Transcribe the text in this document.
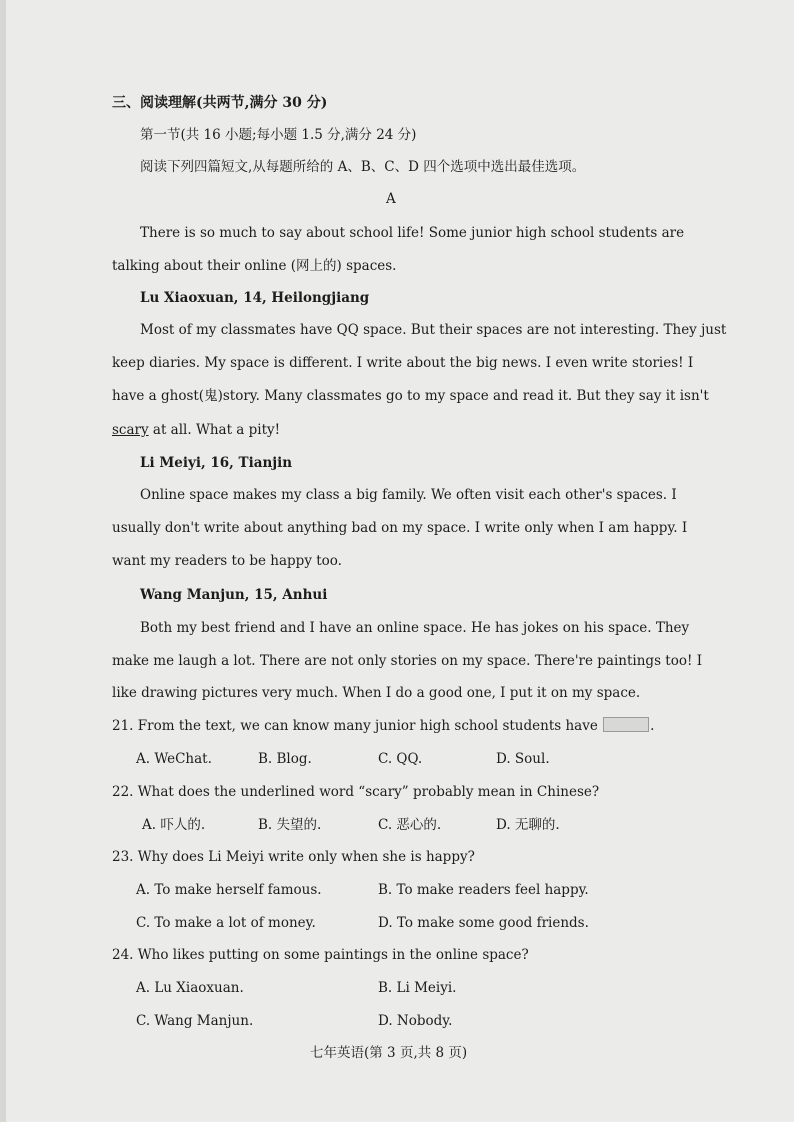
三、阅读理解(共两节,满分 30 分)
第一节(共 16 小题;每小题 1.5 分,满分 24 分)
阅读下列四篇短文,从每题所给的 A、B、C、D 四个选项中选出最佳选项。
A
There is so much to say about school life! Some junior high school students are
talking about their online (网上的) spaces.
Lu Xiaoxuan, 14, Heilongjiang
Most of my classmates have QQ space. But their spaces are not interesting. They just
keep diaries. My space is different. I write about the big news. I even write stories! I
have a ghost(鬼)story. Many classmates go to my space and read it. But they say it isn't
scary at all. What a pity!
Li Meiyi, 16, Tianjin
Online space makes my class a big family. We often visit each other's spaces. I
usually don't write about anything bad on my space. I write only when I am happy. I
want my readers to be happy too.
Wang Manjun, 15, Anhui
Both my best friend and I have an online space. He has jokes on his space. They
make me laugh a lot. There are not only stories on my space. There're paintings too! I
like drawing pictures very much. When I do a good one, I put it on my space.
21. From the text, we can know many junior high school students have	.
A. WeChat.	B. Blog.	C. QQ.	D. Soul.
22. What does the underlined word “scary” probably mean in Chinese?
A. 吓人的.	B. 失望的.	C. 恶心的.	D. 无聊的.
23. Why does Li Meiyi write only when she is happy?
A. To make herself famous.	B. To make readers feel happy.
C. To make a lot of money.	D. To make some good friends.
24. Who likes putting on some paintings in the online space?
A. Lu Xiaoxuan.	B. Li Meiyi.
C. Wang Manjun.	D. Nobody.
七年英语(第 3 页,共 8 页)
